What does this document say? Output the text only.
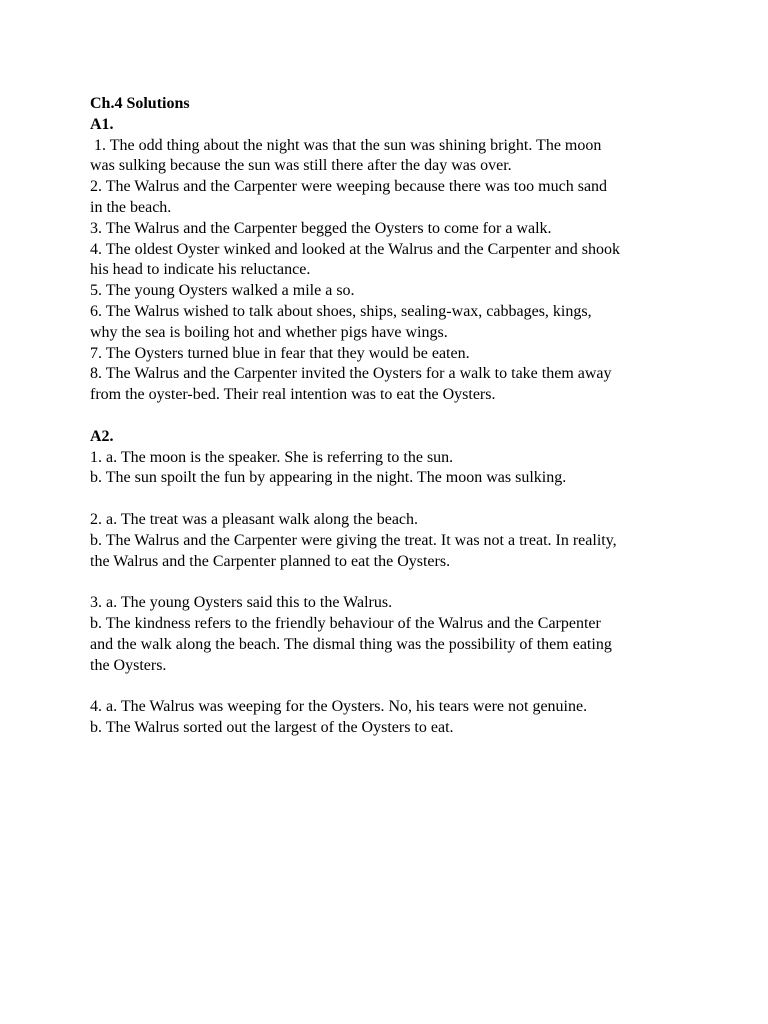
Ch.4 Solutions
A1.
1. The odd thing about the night was that the sun was shining bright. The moon
was sulking because the sun was still there after the day was over.
2. The Walrus and the Carpenter were weeping because there was too much sand
in the beach.
3. The Walrus and the Carpenter begged the Oysters to come for a walk.
4. The oldest Oyster winked and looked at the Walrus and the Carpenter and shook
his head to indicate his reluctance.
5. The young Oysters walked a mile a so.
6. The Walrus wished to talk about shoes, ships, sealing-wax, cabbages, kings,
why the sea is boiling hot and whether pigs have wings.
7. The Oysters turned blue in fear that they would be eaten.
8. The Walrus and the Carpenter invited the Oysters for a walk to take them away
from the oyster-bed. Their real intention was to eat the Oysters.
A2.
1. a. The moon is the speaker. She is referring to the sun.
b. The sun spoilt the fun by appearing in the night. The moon was sulking.
2. a. The treat was a pleasant walk along the beach.
b. The Walrus and the Carpenter were giving the treat. It was not a treat. In reality,
the Walrus and the Carpenter planned to eat the Oysters.
3. a. The young Oysters said this to the Walrus.
b. The kindness refers to the friendly behaviour of the Walrus and the Carpenter
and the walk along the beach. The dismal thing was the possibility of them eating
the Oysters.
4. a. The Walrus was weeping for the Oysters. No, his tears were not genuine.
b. The Walrus sorted out the largest of the Oysters to eat.
